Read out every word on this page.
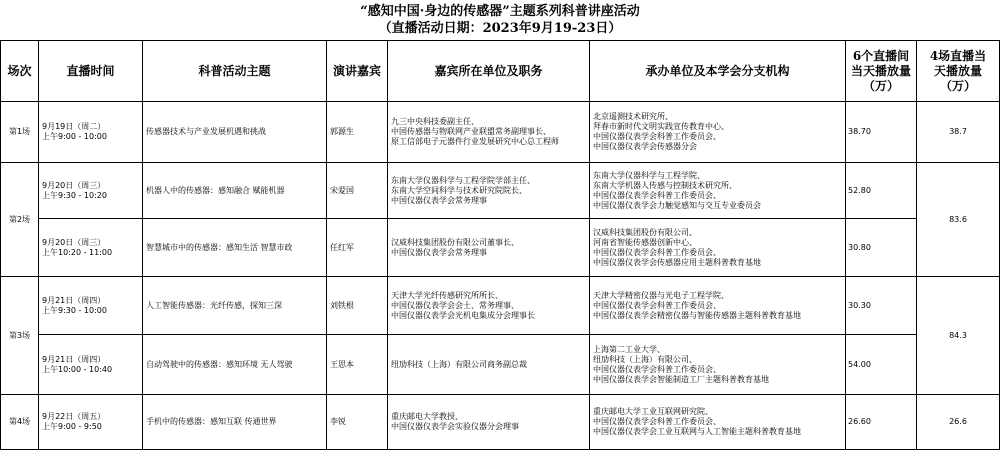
“感知中国·身边的传感器”主题系列科普讲座活动
（直播活动日期：2023年9月19-23日）
场次	直播时间	科普活动主题	演讲嘉宾	嘉宾所在单位及职务	承办单位及本学会分支机构	6个直播间
当天播放量
（万）	4场直播当
天播放量
（万）

第1场	9月19日（周二）
上午9:00 - 10:00	传感器技术与产业发展机遇和挑战	郭源生	九三中央科技委副主任、
中国传感器与物联网产业联盟常务副理事长、
原工信部电子元器件行业发展研究中心总工程师	北京遥测技术研究所、
拜春市新时代文明实践宣传教育中心、
中国仪器仪表学会科普工作委员会、
中国仪器仪表学会传感器分会	38.70	38.7
第2场	9月20日（周三）
上午9:30 - 10:20	机器人中的传感器：感知融合 赋能机器	宋爱国	东南大学仪器科学与工程学院学部主任、
东南大学空间科学与技术研究院院长、
中国仪器仪表学会常务理事	东南大学仪器科学与工程学院、
东南大学机器人传感与控制技术研究所、
中国仪器仪表学会科普工作委员会、
中国仪器仪表学会力触觉感知与交互专业委员会	52.80	83.6

	9月20日（周三）
上午10:20 - 11:00	智慧城市中的传感器：感知生活 智慧市政	任红军	汉威科技集团股份有限公司董事长、
中国仪器仪表学会常务理事	汉威科技集团股份有限公司、
河南省智能传感器创新中心、
中国仪器仪表学会科普工作委员会、
中国仪器仪表学会传感器应用主题科普教育基地	30.80	
第3场	9月21日（周四）
上午9:30 - 10:00	人工智能传感器：光纤传感，探知三深	刘铁根	天津大学光纤传感研究所所长、
中国仪器仪表学会会士、常务理事、
中国仪器仪表学会光机电集成分会理事长	天津大学精密仪器与光电子工程学院、
中国仪器仪表学会科普工作委员会、
中国仪器仪表学会精密仪器与智能传感器主题科普教育基地	30.30	84.3

	9月21日（周四）
上午10:00 - 10:40	自动驾驶中的传感器：感知环境 无人驾驶	王思本	纽劢科技（上海）有限公司商务副总裁	上海第二工业大学、
纽劢科技（上海）有限公司、
中国仪器仪表学会科普工作委员会、
中国仪器仪表学会智能制造工厂主题科普教育基地	54.00	
第4场	9月22日（周五）
上午9:00 - 9:50	手机中的传感器：感知互联 传通世界	李锐	重庆邮电大学教授、
中国仪器仪表学会实验仪器分会理事	重庆邮电大学工业互联网研究院、
中国仪器仪表学会科普工作委员会、
中国仪器仪表学会工业互联网与人工智能主题科普教育基地	26.60	26.6
